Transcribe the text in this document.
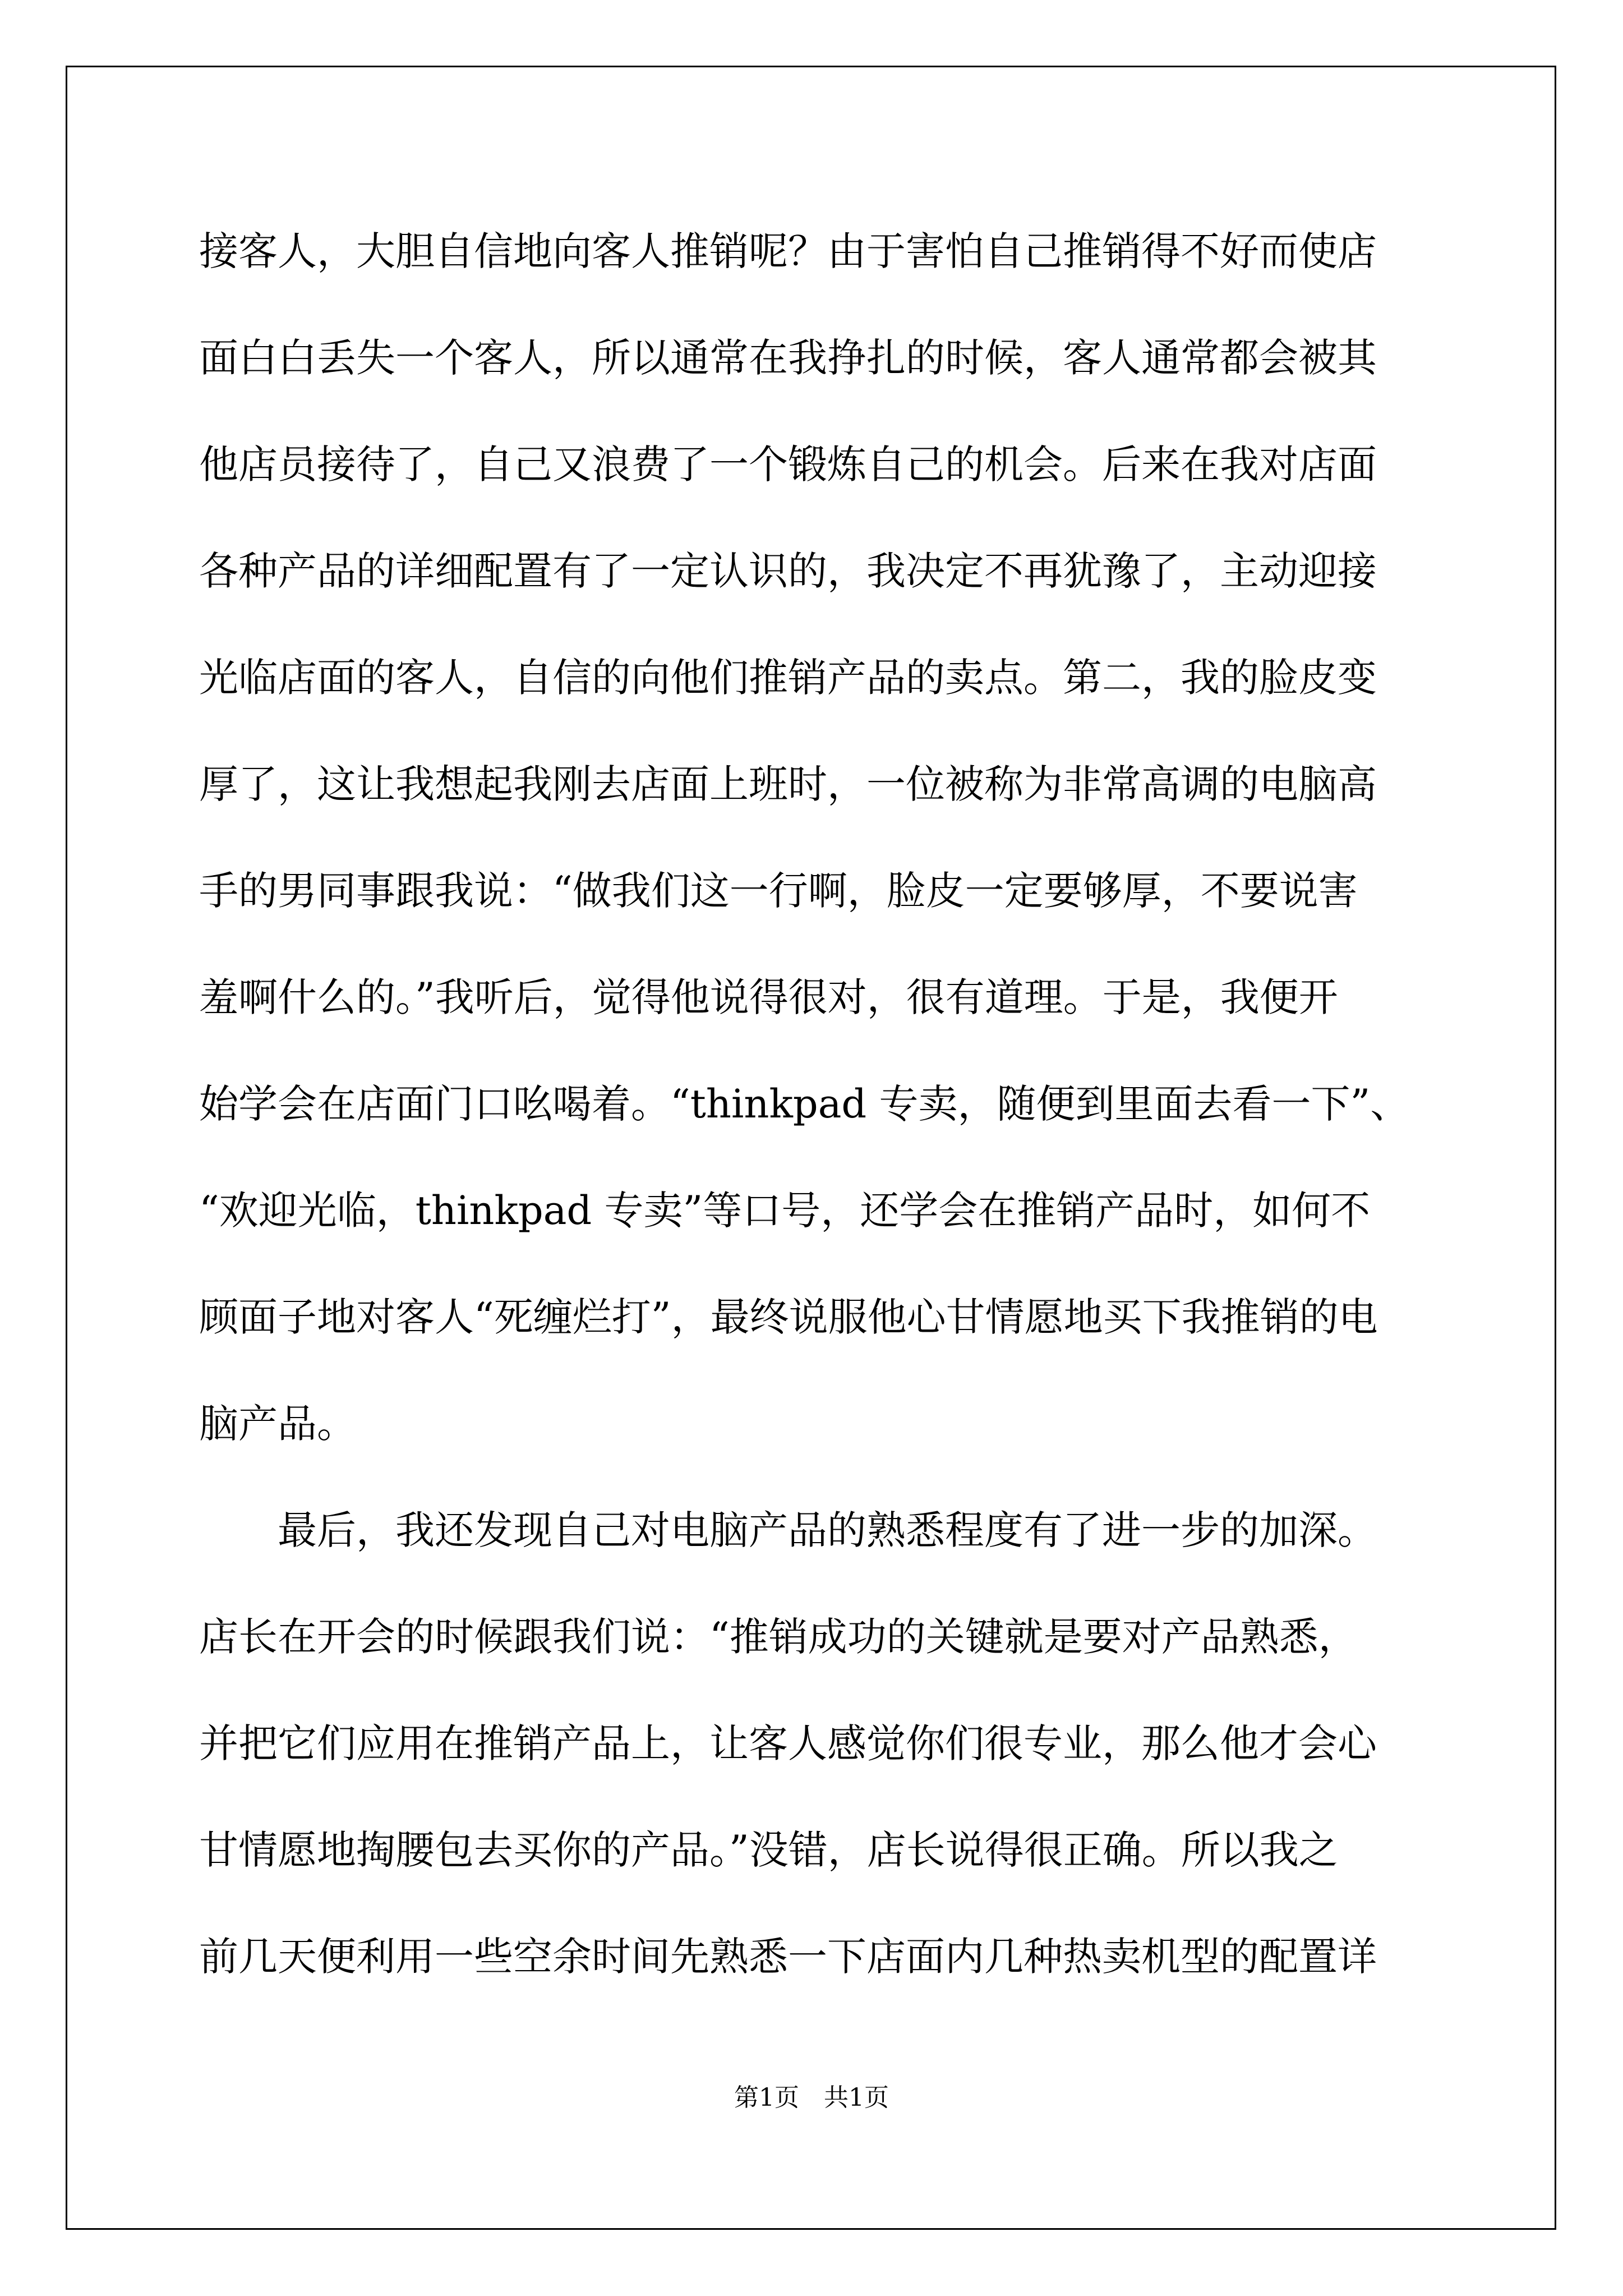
接客人，大胆自信地向客人推销呢？由于害怕自己推销得不好而使店
面白白丢失一个客人，所以通常在我挣扎的时候，客人通常都会被其
他店员接待了，自己又浪费了一个锻炼自己的机会。后来在我对店面
各种产品的详细配置有了一定认识的，我决定不再犹豫了，主动迎接
光临店面的客人，自信的向他们推销产品的卖点。第二，我的脸皮变
厚了，这让我想起我刚去店面上班时，一位被称为非常高调的电脑高
手的男同事跟我说：“做我们这一行啊，脸皮一定要够厚，不要说害
羞啊什么的。”我听后，觉得他说得很对，很有道理。于是，我便开
始学会在店面门口吆喝着。“thinkpad 专卖，随便到里面去看一下”、
“欢迎光临，thinkpad 专卖”等口号，还学会在推销产品时，如何不
顾面子地对客人“死缠烂打”，最终说服他心甘情愿地买下我推销的电
脑产品。
　　最后，我还发现自己对电脑产品的熟悉程度有了进一步的加深。
店长在开会的时候跟我们说：“推销成功的关键就是要对产品熟悉，
并把它们应用在推销产品上，让客人感觉你们很专业，那么他才会心
甘情愿地掏腰包去买你的产品。”没错，店长说得很正确。所以我之
前几天便利用一些空余时间先熟悉一下店面内几种热卖机型的配置详
第1页　共1页
